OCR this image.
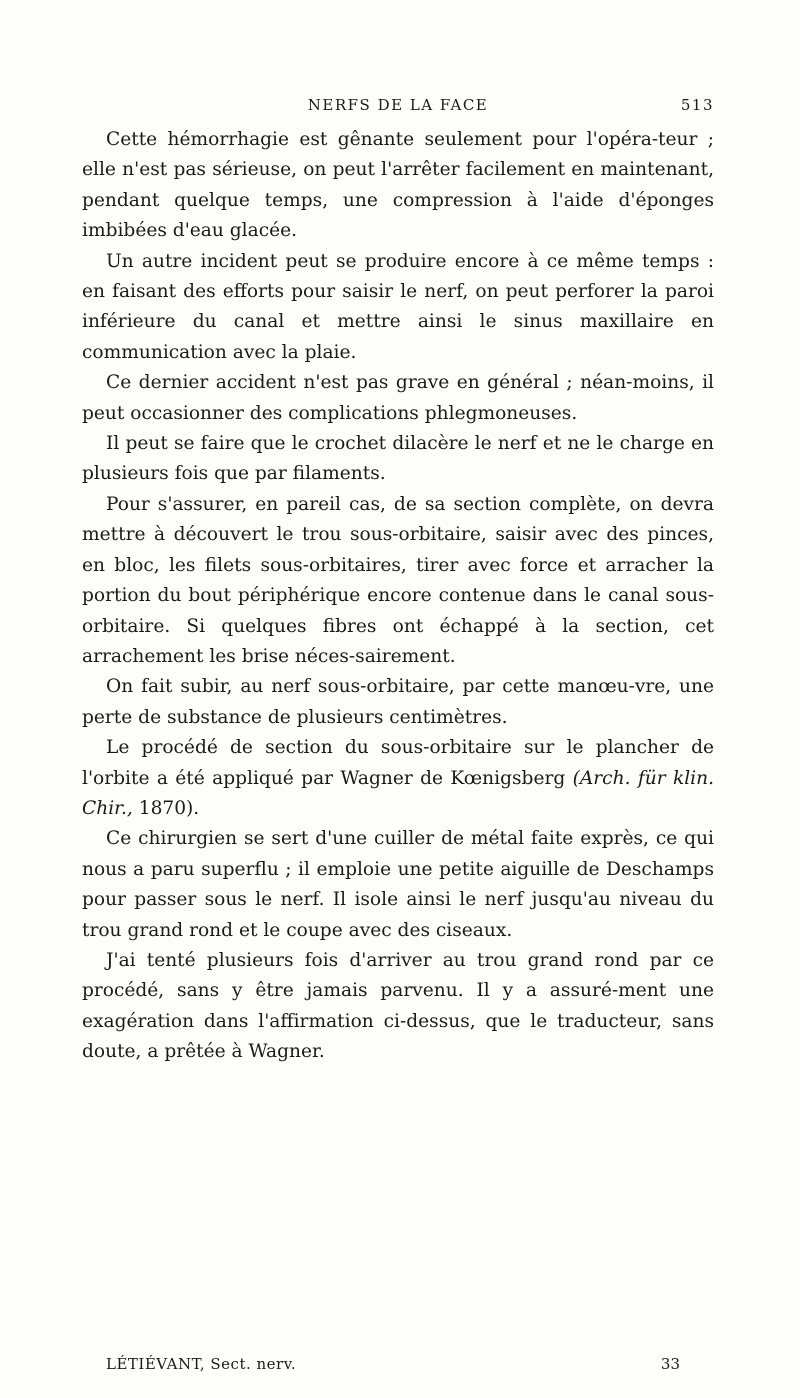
NERFS DE LA FACE	513

Cette hémorrhagie est gênante seulement pour l'opéra-teur ; elle n'est pas sérieuse, on peut l'arrêter facilement en maintenant, pendant quelque temps, une compression à l'aide d'éponges imbibées d'eau glacée.

Un autre incident peut se produire encore à ce même temps : en faisant des efforts pour saisir le nerf, on peut perforer la paroi inférieure du canal et mettre ainsi le sinus maxillaire en communication avec la plaie.

Ce dernier accident n'est pas grave en général ; néan-moins, il peut occasionner des complications phlegmoneuses.

Il peut se faire que le crochet dilacère le nerf et ne le charge en plusieurs fois que par filaments.

Pour s'assurer, en pareil cas, de sa section complète, on devra mettre à découvert le trou sous-orbitaire, saisir avec des pinces, en bloc, les filets sous-orbitaires, tirer avec force et arracher la portion du bout périphérique encore contenue dans le canal sous-orbitaire. Si quelques fibres ont échappé à la section, cet arrachement les brise néces-sairement.

On fait subir, au nerf sous-orbitaire, par cette manœu-vre, une perte de substance de plusieurs centimètres.

Le procédé de section du sous-orbitaire sur le plancher de l'orbite a été appliqué par Wagner de Kœnigsberg (Arch. für klin. Chir., 1870).

Ce chirurgien se sert d'une cuiller de métal faite exprès, ce qui nous a paru superflu ; il emploie une petite aiguille de Deschamps pour passer sous le nerf. Il isole ainsi le nerf jusqu'au niveau du trou grand rond et le coupe avec des ciseaux.

J'ai tenté plusieurs fois d'arriver au trou grand rond par ce procédé, sans y être jamais parvenu. Il y a assuré-ment une exagération dans l'affirmation ci-dessus, que le traducteur, sans doute, a prêtée à Wagner.

LÉTIÉVANT, Sect. nerv.	33
